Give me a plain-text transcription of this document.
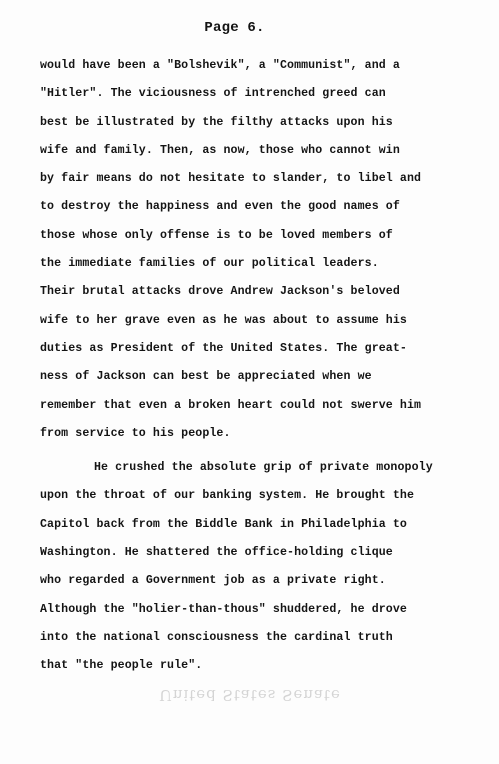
Page 6.
would have been a "Bolshevik", a "Communist", and a
"Hitler". The viciousness of intrenched greed can
best be illustrated by the filthy attacks upon his
wife and family. Then, as now, those who cannot win
by fair means do not hesitate to slander, to libel and
to destroy the happiness and even the good names of
those whose only offense is to be loved members of
the immediate families of our political leaders.
Their brutal attacks drove Andrew Jackson's beloved
wife to her grave even as he was about to assume his
duties as President of the United States. The great-
ness of Jackson can best be appreciated when we
remember that even a broken heart could not swerve him
from service to his people.
He crushed the absolute grip of private monopoly
upon the throat of our banking system. He brought the
Capitol back from the Biddle Bank in Philadelphia to
Washington. He shattered the office-holding clique
who regarded a Government job as a private right.
Although the "holier-than-thous" shuddered, he drove
into the national consciousness the cardinal truth
that "the people rule".
United States Senate
